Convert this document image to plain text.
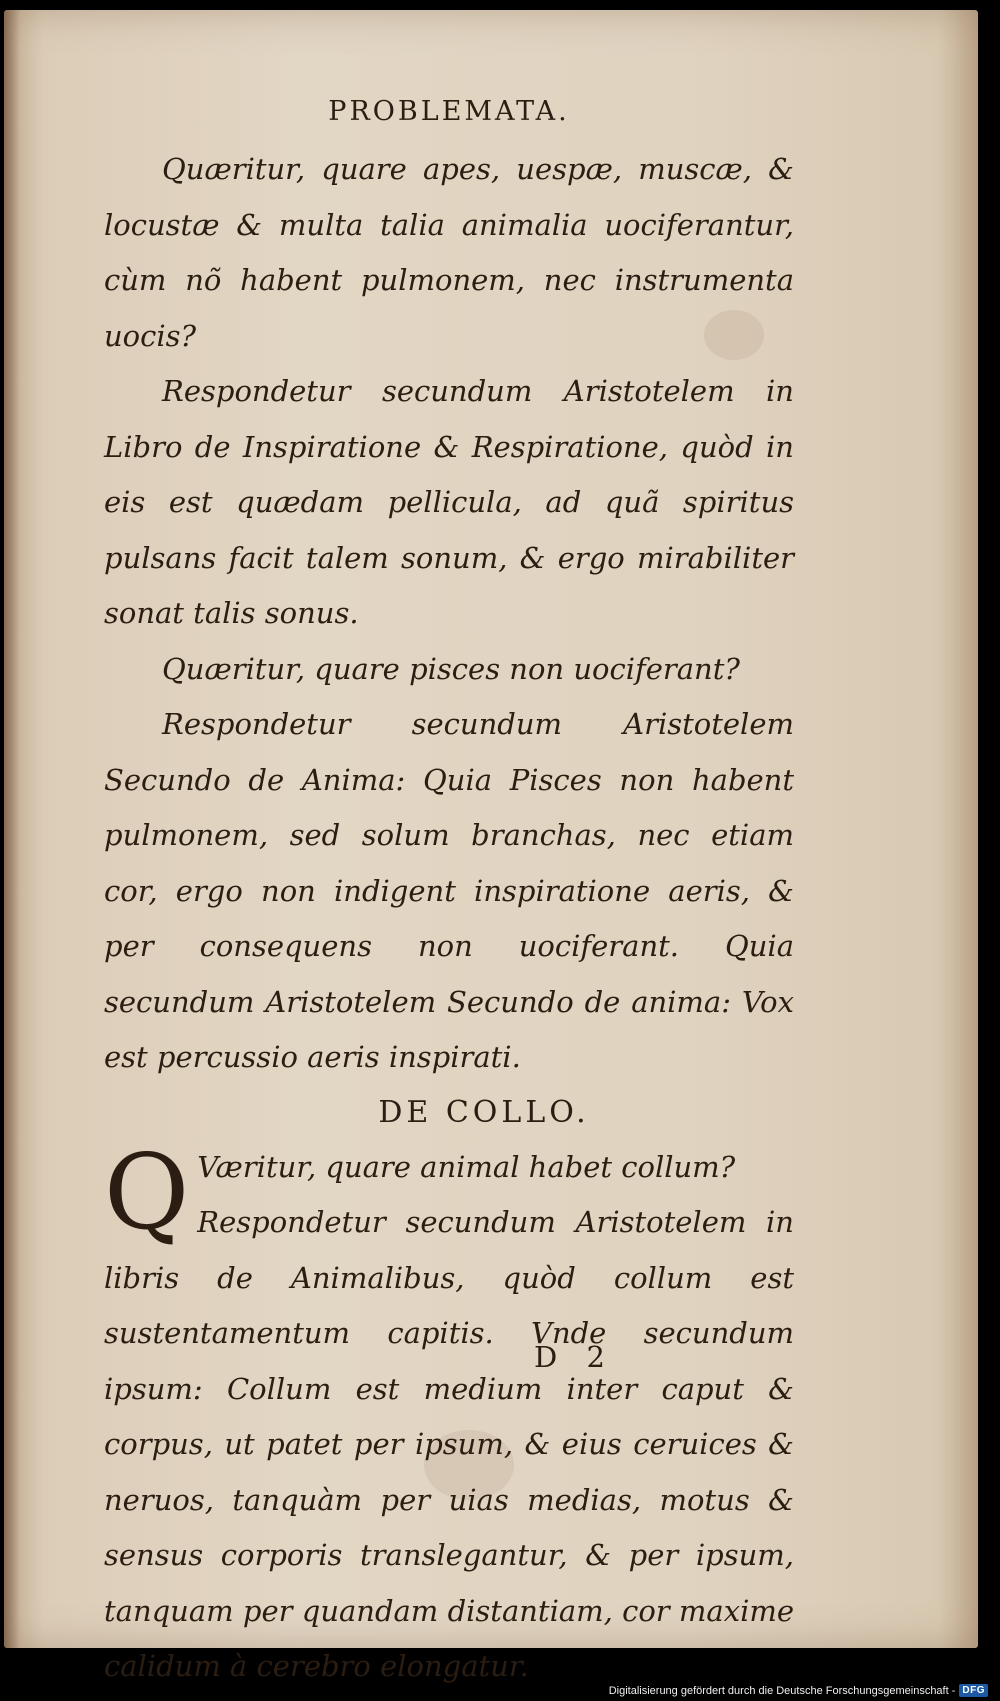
PROBLEMATA.

Quæritur, quare apes, uespæ, muscæ, & locustæ & multa talia animalia uociferantur, cùm nõ habent pulmonem, nec instrumenta uocis?

Respondetur secundum Aristotelem in Libro de Inspiratione & Respiratione, quòd in eis est quædam pellicula, ad quã spiritus pulsans facit talem sonum, & ergo mirabiliter sonat talis sonus.

Quæritur, quare pisces non uociferant?

Respondetur secundum Aristotelem Secundo de Anima: Quia Pisces non habent pulmonem, sed solum branchas, nec etiam cor, ergo non indigent inspiratione aeris, & per consequens non uociferant. Quia secundum Aristotelem Secundo de anima: Vox est percussio aeris inspirati.

DE COLLO.

Q Væritur, quare animal habet collum?
Respondetur secundum Aristotelem in libris de Animalibus, quòd collum est sustentamentum capitis. Vnde secundum ipsum: Collum est medium inter caput & corpus, ut patet per ipsum, & eius ceruices & neruos, tanquàm per uias medias, motus & sensus corporis translegantur, & per ipsum, tanquam per quandam distantiam, cor maxime calidum à cerebro elongatur.

D 2
Digitalisierung gefördert durch die Deutsche Forschungsgemeinschaft - DFG
